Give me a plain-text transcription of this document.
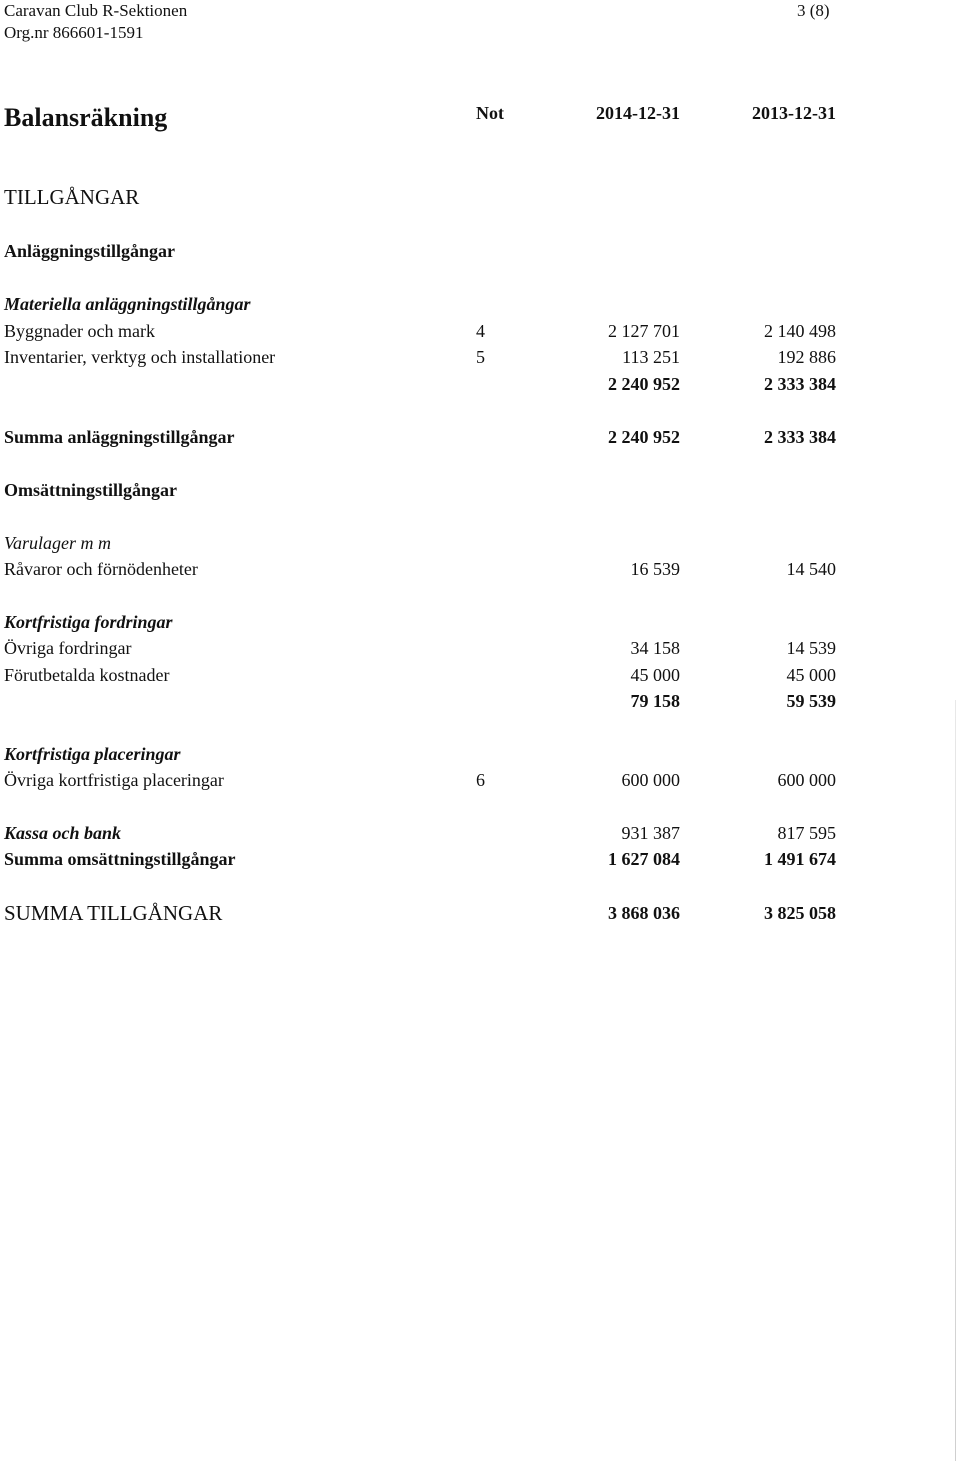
Caravan Club R-Sektionen
Org.nr 866601-1591
3 (8)
Balansräkning	Not	2014-12-31	2013-12-31
TILLGÅNGAR
Anläggningstillgångar
Materiella anläggningstillgångar
Byggnader och mark	4	2 127 701	2 140 498
Inventarier, verktyg och installationer	5	113 251	192 886
2 240 952	2 333 384
Summa anläggningstillgångar	2 240 952	2 333 384
Omsättningstillgångar
Varulager m m
Råvaror och förnödenheter	16 539	14 540
Kortfristiga fordringar
Övriga fordringar	34 158	14 539
Förutbetalda kostnader	45 000	45 000
79 158	59 539
Kortfristiga placeringar
Övriga kortfristiga placeringar	6	600 000	600 000
Kassa och bank	931 387	817 595
Summa omsättningstillgångar	1 627 084	1 491 674
SUMMA TILLGÅNGAR	3 868 036	3 825 058
